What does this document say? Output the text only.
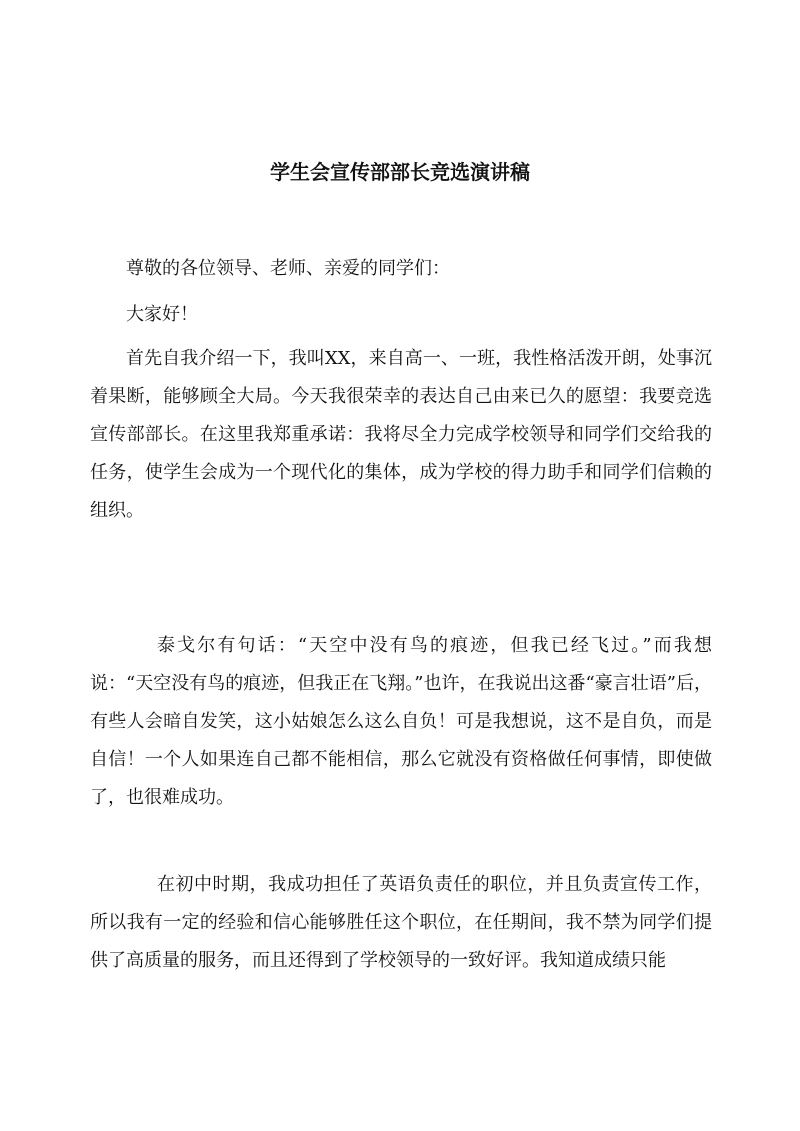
学生会宣传部部长竞选演讲稿

尊敬的各位领导、老师、亲爱的同学们：

大家好！

首先自我介绍一下，我叫XX，来自高一、一班，我性格活泼开朗，处事沉着果断，能够顾全大局。今天我很荣幸的表达自己由来已久的愿望：我要竞选宣传部部长。在这里我郑重承诺：我将尽全力完成学校领导和同学们交给我的任务，使学生会成为一个现代化的集体，成为学校的得力助手和同学们信赖的组织。

泰戈尔有句话：“天空中没有鸟的痕迹，但我已经飞过。”而我想说：“天空没有鸟的痕迹，但我正在飞翔。”也许，在我说出这番“豪言壮语”后，有些人会暗自发笑，这小姑娘怎么这么自负！可是我想说，这不是自负，而是自信！一个人如果连自己都不能相信，那么它就没有资格做任何事情，即使做了，也很难成功。

在初中时期，我成功担任了英语负责任的职位，并且负责宣传工作，所以我有一定的经验和信心能够胜任这个职位，在任期间，我不禁为同学们提供了高质量的服务，而且还得到了学校领导的一致好评。我知道成绩只能
